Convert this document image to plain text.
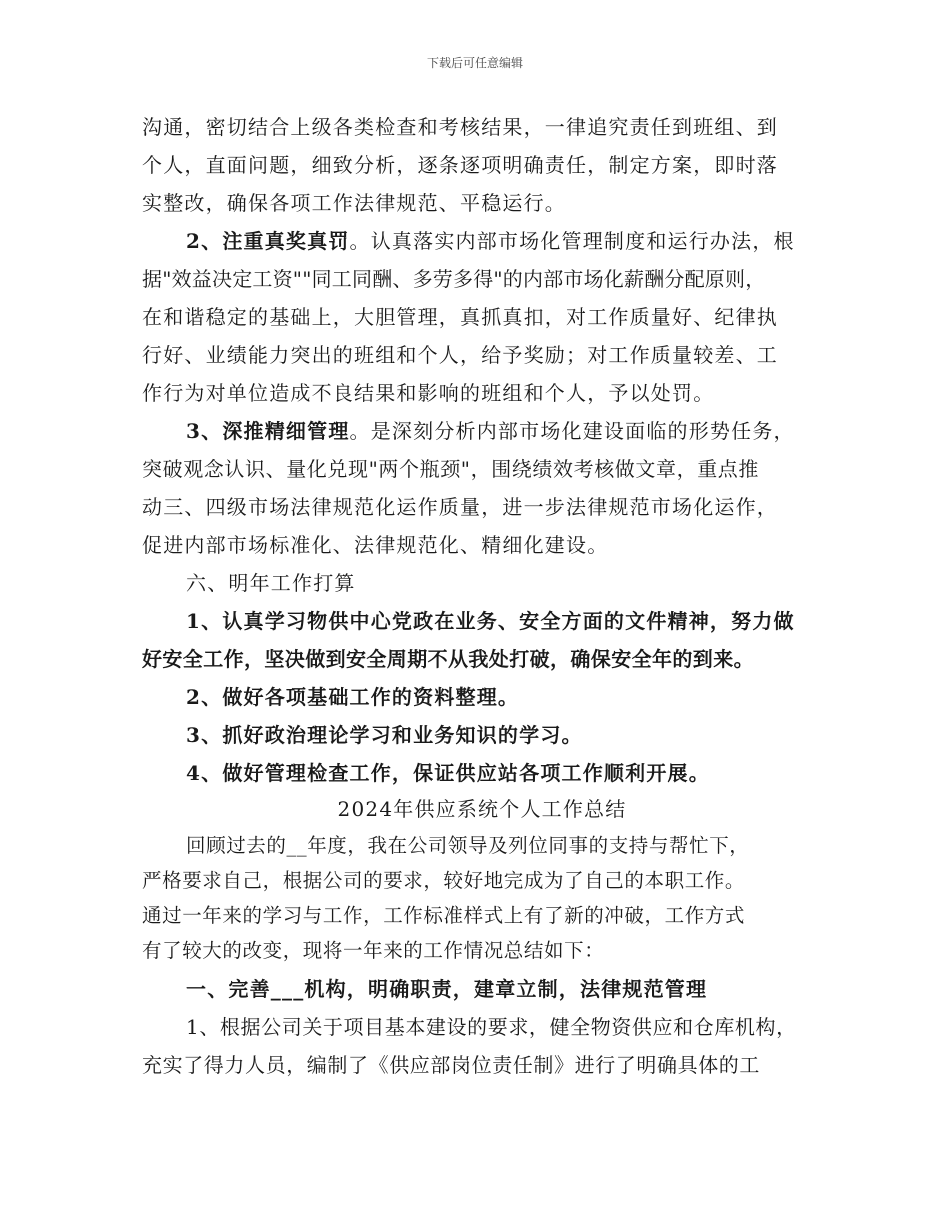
下载后可任意编辑

沟通，密切结合上级各类检查和考核结果，一律追究责任到班组、到

个人，直面问题，细致分析，逐条逐项明确责任，制定方案，即时落

实整改，确保各项工作法律规范、平稳运行。

2、注重真奖真罚。认真落实内部市场化管理制度和运行办法，根

据"效益决定工资""同工同酬、多劳多得"的内部市场化薪酬分配原则，

在和谐稳定的基础上，大胆管理，真抓真扣，对工作质量好、纪律执

行好、业绩能力突出的班组和个人，给予奖励；对工作质量较差、工

作行为对单位造成不良结果和影响的班组和个人，予以处罚。

3、深推精细管理。是深刻分析内部市场化建设面临的形势任务，

突破观念认识、量化兑现"两个瓶颈"，围绕绩效考核做文章，重点推

动三、四级市场法律规范化运作质量，进一步法律规范市场化运作，

促进内部市场标准化、法律规范化、精细化建设。

六、明年工作打算

1、认真学习物供中心党政在业务、安全方面的文件精神，努力做

好安全工作，坚决做到安全周期不从我处打破，确保安全年的到来。

2、做好各项基础工作的资料整理。

3、抓好政治理论学习和业务知识的学习。

4、做好管理检查工作，保证供应站各项工作顺利开展。

2024年供应系统个人工作总结

回顾过去的__年度，我在公司领导及列位同事的支持与帮忙下，

严格要求自己，根据公司的要求，较好地完成为了自己的本职工作。

通过一年来的学习与工作，工作标准样式上有了新的冲破，工作方式

有了较大的改变，现将一年来的工作情况总结如下：

一、完善___机构，明确职责，建章立制，法律规范管理

1、根据公司关于项目基本建设的要求，健全物资供应和仓库机构，

充实了得力人员，编制了《供应部岗位责任制》进行了明确具体的工
